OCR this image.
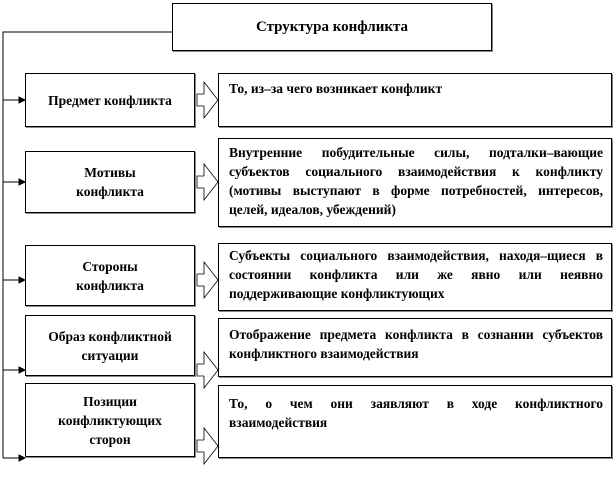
Структура конфликта
Предмет конфликта
То, из–за чего возникает конфликт
Мотивы конфликта
Внутренние побудительные силы, подталки–вающие субъектов социального взаимодействия к конфликту (мотивы выступают в форме потребностей, интересов, целей, идеалов, убеждений)
Стороны конфликта
Субъекты социального взаимодействия, находя–щиеся в состоянии конфликта или же явно или неявно поддерживающие конфликтующих
Образ конфликтной ситуации
Отображение предмета конфликта в сознании субъектов конфликтного взаимодействия
Позиции конфликтующих сторон
То, о чем они заявляют в ходе конфликтного взаимодействия
